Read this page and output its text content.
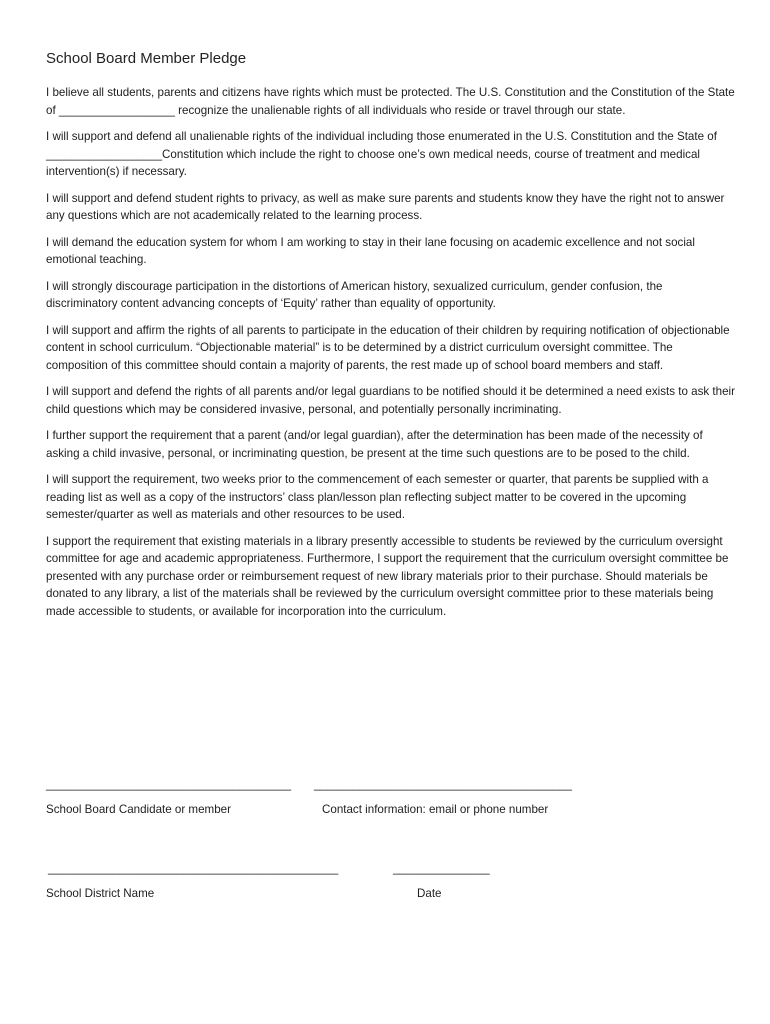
School Board Member Pledge

I believe all students, parents and citizens have rights which must be protected. The U.S. Constitution and the Constitution of the State of __________________ recognize the unalienable rights of all individuals who reside or travel through our state.

I will support and defend all unalienable rights of the individual including those enumerated in the U.S. Constitution and the State of __________________Constitution which include the right to choose one’s own medical needs, course of treatment and medical intervention(s) if necessary.

I will support and defend student rights to privacy, as well as make sure parents and students know they have the right not to answer any questions which are not academically related to the learning process.

I will demand the education system for whom I am working to stay in their lane focusing on academic excellence and not social emotional teaching.

I will strongly discourage participation in the distortions of American history, sexualized curriculum, gender confusion, the discriminatory content advancing concepts of ‘Equity’ rather than equality of opportunity.

I will support and affirm the rights of all parents to participate in the education of their children by requiring notification of objectionable content in school curriculum. “Objectionable material” is to be determined by a district curriculum oversight committee. The composition of this committee should contain a majority of parents, the rest made up of school board members and staff.

I will support and defend the rights of all parents and/or legal guardians to be notified should it be determined a need exists to ask their child questions which may be considered invasive, personal, and potentially personally incriminating.

I further support the requirement that a parent (and/or legal guardian), after the determination has been made of the necessity of asking a child invasive, personal, or incriminating question, be present at the time such questions are to be posed to the child.

I will support the requirement, two weeks prior to the commencement of each semester or quarter, that parents be supplied with a reading list as well as a copy of the instructors’ class plan/lesson plan reflecting subject matter to be covered in the upcoming semester/quarter as well as materials and other resources to be used.

I support the requirement that existing materials in a library presently accessible to students be reviewed by the curriculum oversight committee for age and academic appropriateness. Furthermore, I support the requirement that the curriculum oversight committee be presented with any purchase order or reimbursement request of new library materials prior to their purchase. Should materials be donated to any library, a list of the materials shall be reviewed by the curriculum oversight committee prior to these materials being made accessible to students, or available for incorporation into the curriculum.

______________________________________ ________________________________________
School Board Candidate or member	Contact information: email or phone number
_____________________________________________	_______________
School District Name	Date
